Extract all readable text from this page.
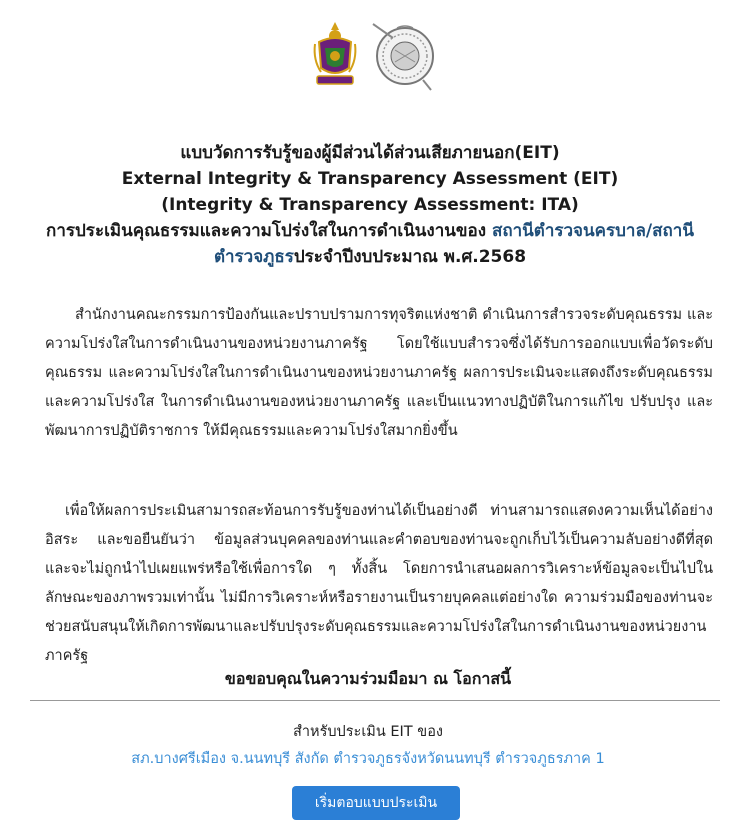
แบบวัดการรับรู้ของผู้มีส่วนได้ส่วนเสียภายนอก(EIT)
External Integrity & Transparency Assessment (EIT)
(Integrity & Transparency Assessment: ITA)
การประเมินคุณธรรมและความโปร่งใสในการดำเนินงานของ สถานีตำรวจนครบาล/สถานี
ตำรวจภูธรประจำปีงบประมาณ พ.ศ.2568

สำนักงานคณะกรรมการป้องกันและปราบปรามการทุจริตแห่งชาติ ดำเนินการสำรวจระดับคุณธรรม และความโปร่งใสในการดำเนินงานของหน่วยงานภาครัฐ โดยใช้แบบสำรวจซึ่งได้รับการออกแบบเพื่อวัดระดับคุณธรรม และความโปร่งใสในการดำเนินงานของหน่วยงานภาครัฐ ผลการประเมินจะแสดงถึงระดับคุณธรรมและความโปร่งใส ในการดำเนินงานของหน่วยงานภาครัฐ และเป็นแนวทางปฏิบัติในการแก้ไข ปรับปรุง และพัฒนาการปฏิบัติราชการ ให้มีคุณธรรมและความโปร่งใสมากยิ่งขึ้น

เพื่อให้ผลการประเมินสามารถสะท้อนการรับรู้ของท่านได้เป็นอย่างดี ท่านสามารถแสดงความเห็นได้อย่างอิสระ และขอยืนยันว่า ข้อมูลส่วนบุคคลของท่านและคำตอบของท่านจะถูกเก็บไว้เป็นความลับอย่างดีที่สุด และจะไม่ถูกนำไปเผยแพร่หรือใช้เพื่อการใด ๆ ทั้งสิ้น โดยการนำเสนอผลการวิเคราะห์ข้อมูลจะเป็นไปในลักษณะของภาพรวมเท่านั้น ไม่มีการวิเคราะห์หรือรายงานเป็นรายบุคคลแต่อย่างใด ความร่วมมือของท่านจะช่วยสนับสนุนให้เกิดการพัฒนาและปรับปรุงระดับคุณธรรมและความโปร่งใสในการดำเนินงานของหน่วยงานภาครัฐ

ขอขอบคุณในความร่วมมือมา ณ โอกาสนี้
สำหรับประเมิน EIT ของ
สภ.บางศรีเมือง จ.นนทบุรี สังกัด ตำรวจภูธรจังหวัดนนทบุรี ตำรวจภูธรภาค 1
เริ่มตอบแบบประเมิน
